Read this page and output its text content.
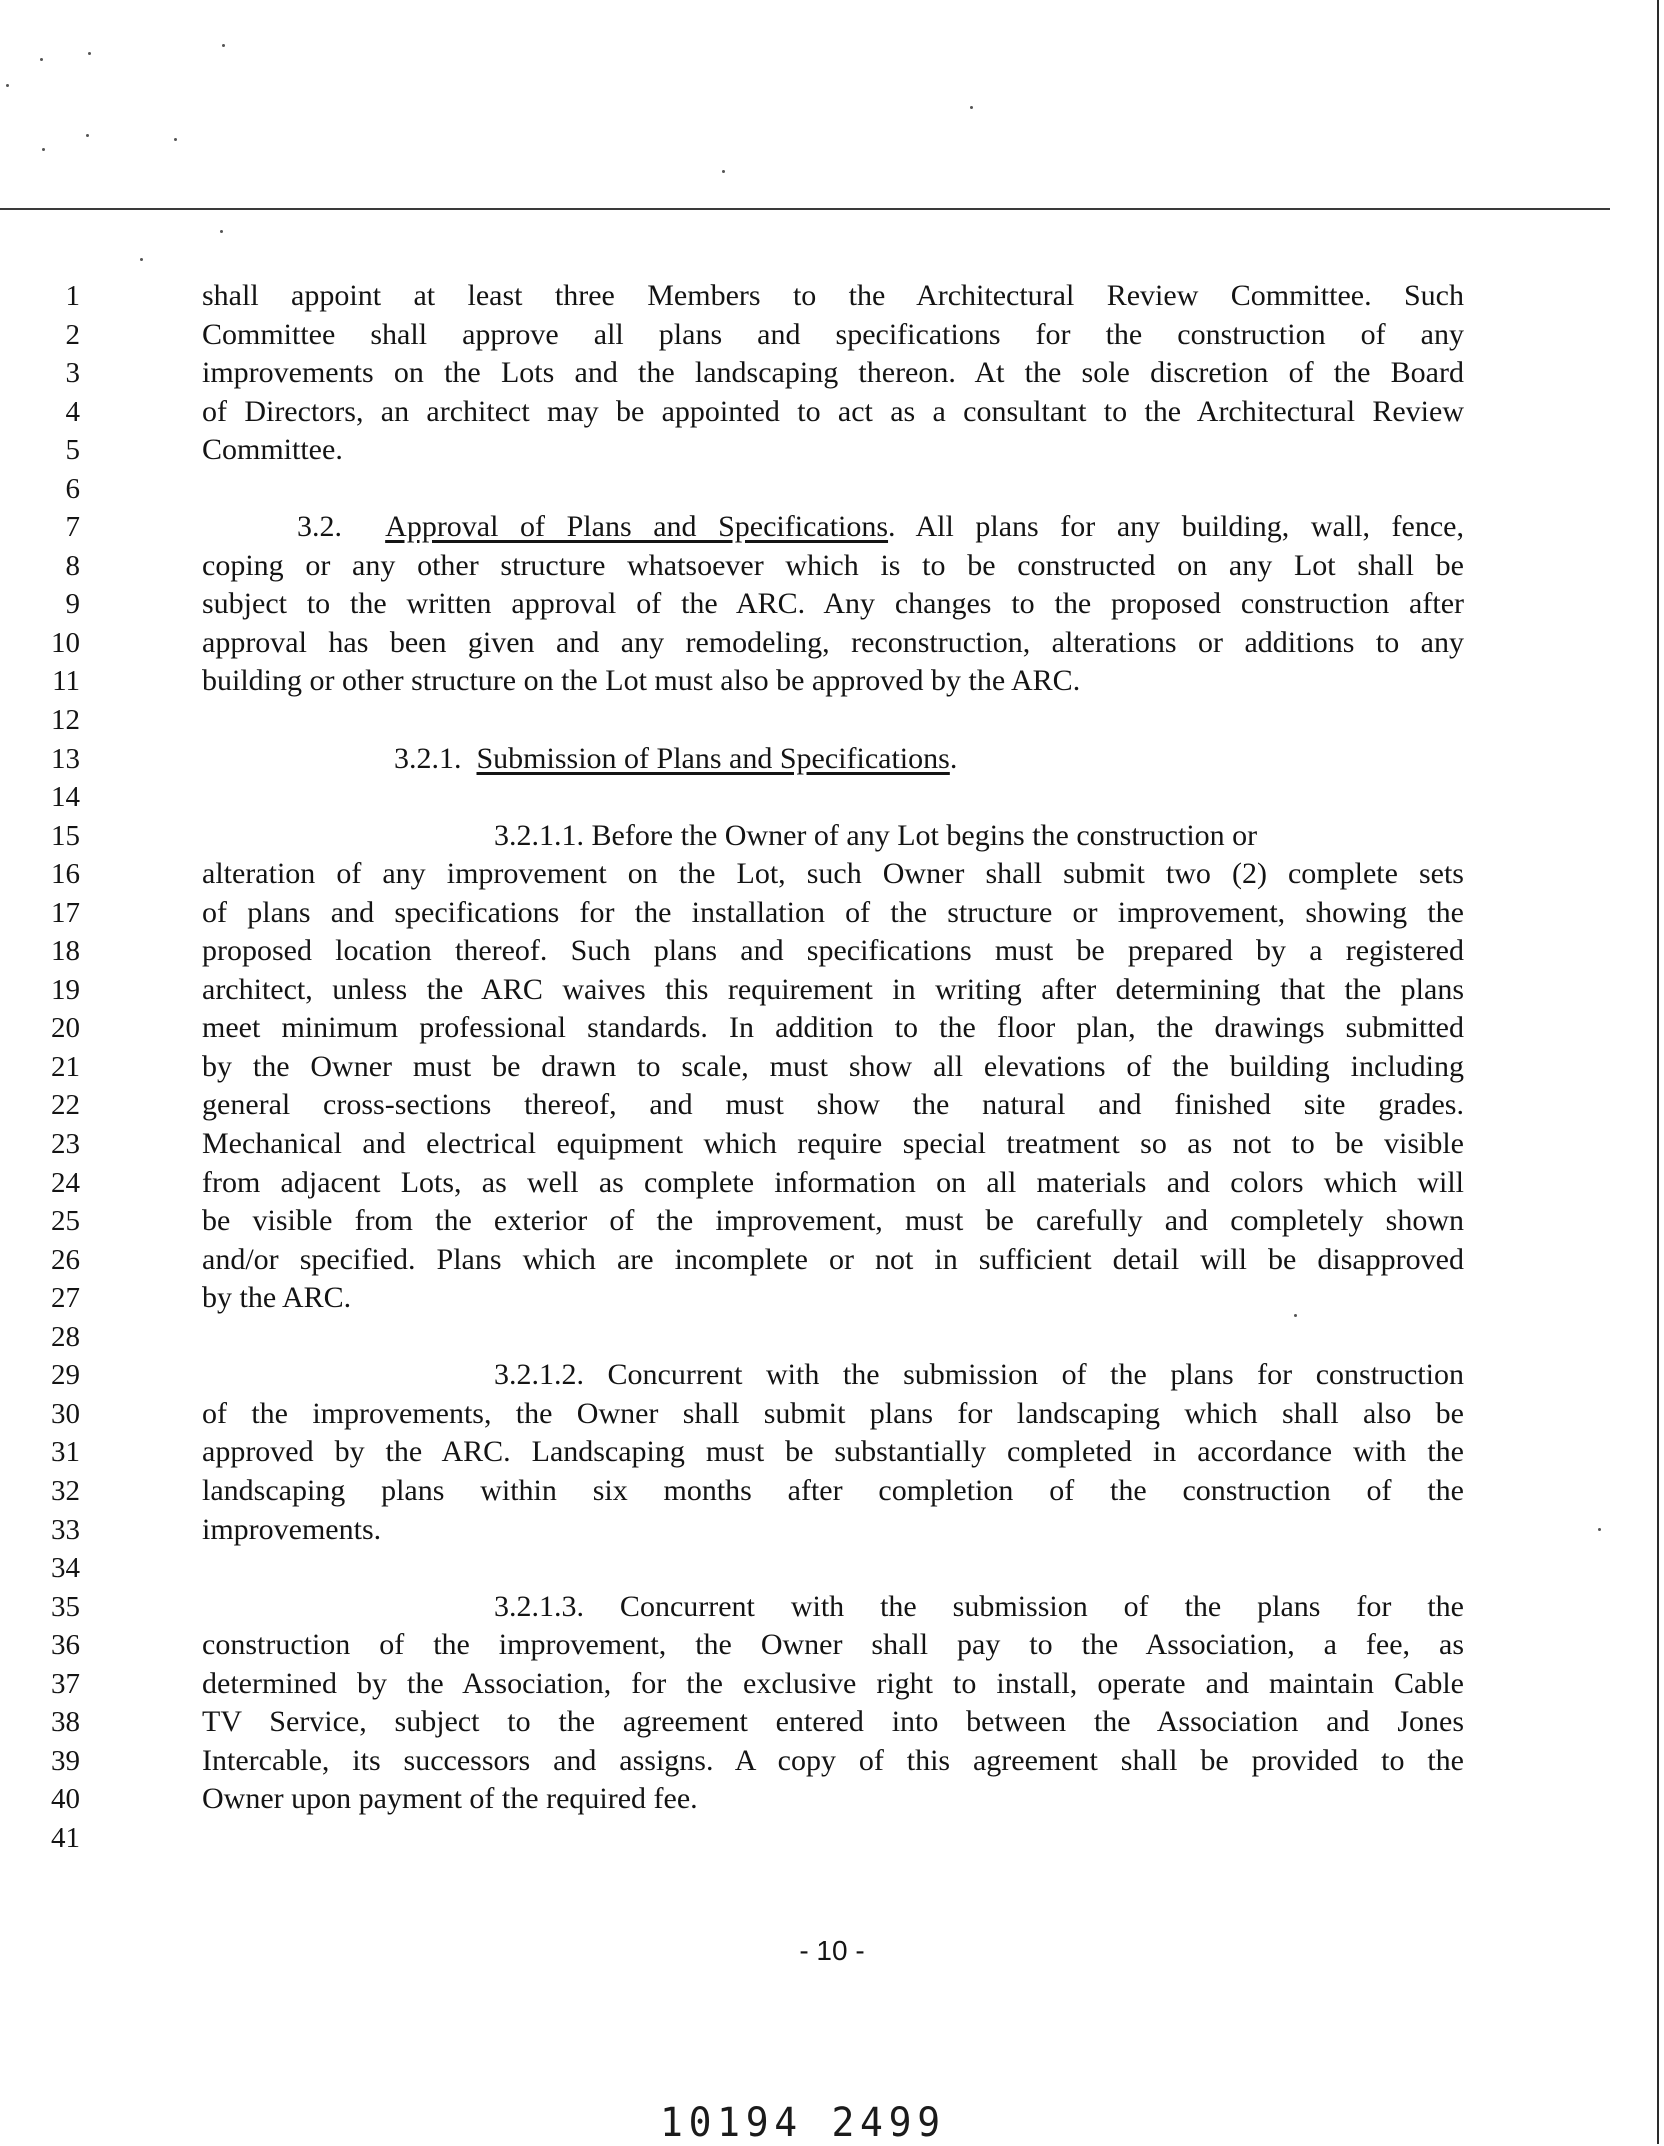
1
2
3
4
5
6
7
8
9
10
11
12
13
14
15
16
17
18
19
20
21
22
23
24
25
26
27
28
29
30
31
32
33
34
35
36
37
38
39
40
41
shall appoint at least three Members to the Architectural Review Committee. Such
Committee shall approve all plans and specifications for the construction of any
improvements on the Lots and the landscaping thereon. At the sole discretion of the Board
of Directors, an architect may be appointed to act as a consultant to the Architectural Review
Committee.
3.2. Approval of Plans and Specifications. All plans for any building, wall, fence,
coping or any other structure whatsoever which is to be constructed on any Lot shall be
subject to the written approval of the ARC. Any changes to the proposed construction after
approval has been given and any remodeling, reconstruction, alterations or additions to any
building or other structure on the Lot must also be approved by the ARC.
3.2.1. Submission of Plans and Specifications.
3.2.1.1. Before the Owner of any Lot begins the construction or
alteration of any improvement on the Lot, such Owner shall submit two (2) complete sets
of plans and specifications for the installation of the structure or improvement, showing the
proposed location thereof. Such plans and specifications must be prepared by a registered
architect, unless the ARC waives this requirement in writing after determining that the plans
meet minimum professional standards. In addition to the floor plan, the drawings submitted
by the Owner must be drawn to scale, must show all elevations of the building including
general cross-sections thereof, and must show the natural and finished site grades.
Mechanical and electrical equipment which require special treatment so as not to be visible
from adjacent Lots, as well as complete information on all materials and colors which will
be visible from the exterior of the improvement, must be carefully and completely shown
and/or specified. Plans which are incomplete or not in sufficient detail will be disapproved
by the ARC.
3.2.1.2. Concurrent with the submission of the plans for construction
of the improvements, the Owner shall submit plans for landscaping which shall also be
approved by the ARC. Landscaping must be substantially completed in accordance with the
landscaping plans within six months after completion of the construction of the
improvements.
3.2.1.3. Concurrent with the submission of the plans for the
construction of the improvement, the Owner shall pay to the Association, a fee, as
determined by the Association, for the exclusive right to install, operate and maintain Cable
TV Service, subject to the agreement entered into between the Association and Jones
Intercable, its successors and assigns. A copy of this agreement shall be provided to the
Owner upon payment of the required fee.
- 10 -
10194 2499
